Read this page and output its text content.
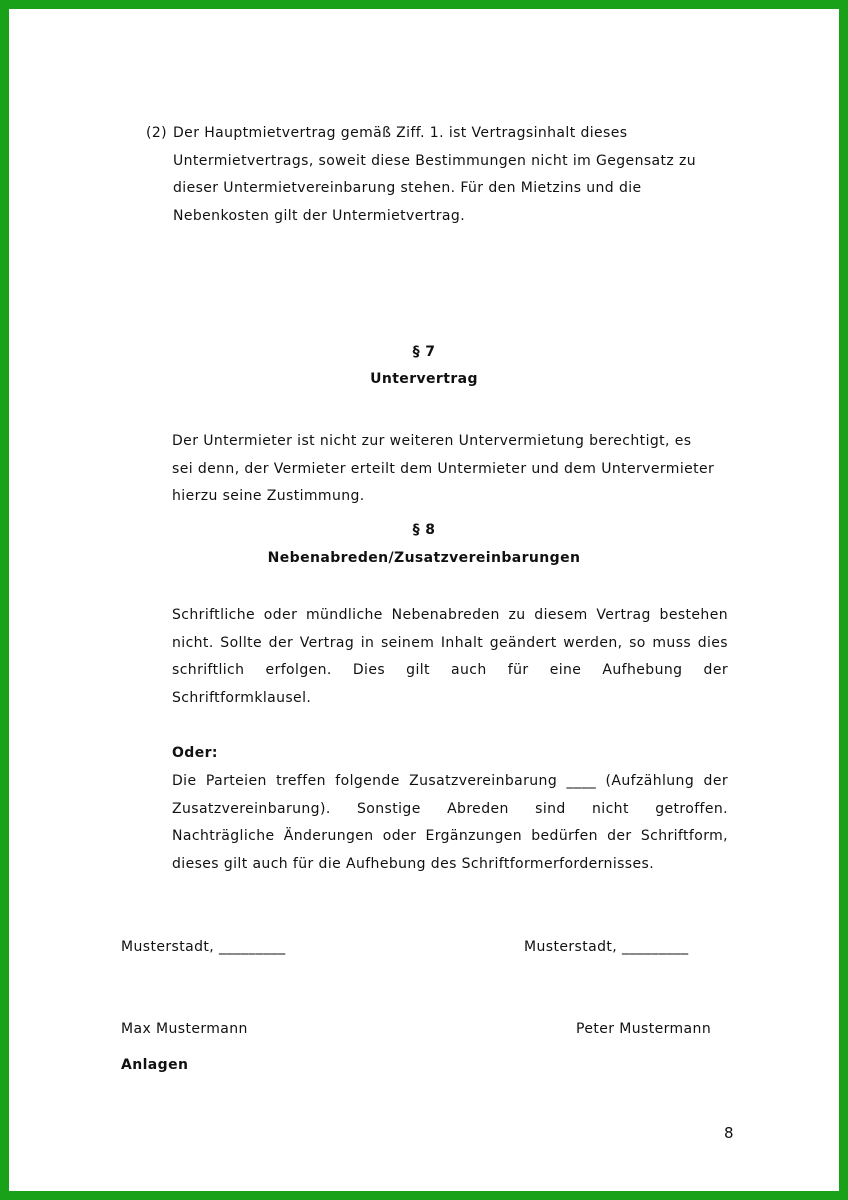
(2) Der Hauptmietvertrag gemäß Ziff. 1. ist Vertragsinhalt dieses
Untermietvertrags, soweit diese Bestimmungen nicht im Gegensatz zu
dieser Untermietvereinbarung stehen. Für den Mietzins und die
Nebenkosten gilt der Untermietvertrag.
§ 7
Untervertrag
Der Untermieter ist nicht zur weiteren Untervermietung berechtigt, es
sei denn, der Vermieter erteilt dem Untermieter und dem Untervermieter
hierzu seine Zustimmung.
§ 8
Nebenabreden/Zusatzvereinbarungen
Schriftliche oder mündliche Nebenabreden zu diesem Vertrag bestehen
nicht. Sollte der Vertrag in seinem Inhalt geändert werden, so muss dies
schriftlich erfolgen. Dies gilt auch für eine Aufhebung der
Schriftformklausel.
Oder:
Die Parteien treffen folgende Zusatzvereinbarung ____ (Aufzählung der
Zusatzvereinbarung). Sonstige Abreden sind nicht getroffen.
Nachträgliche Änderungen oder Ergänzungen bedürfen der Schriftform,
dieses gilt auch für die Aufhebung des Schriftformerfordernisses.
Musterstadt, _________	Musterstadt, _________
Max Mustermann	Peter Mustermann
Anlagen
8
